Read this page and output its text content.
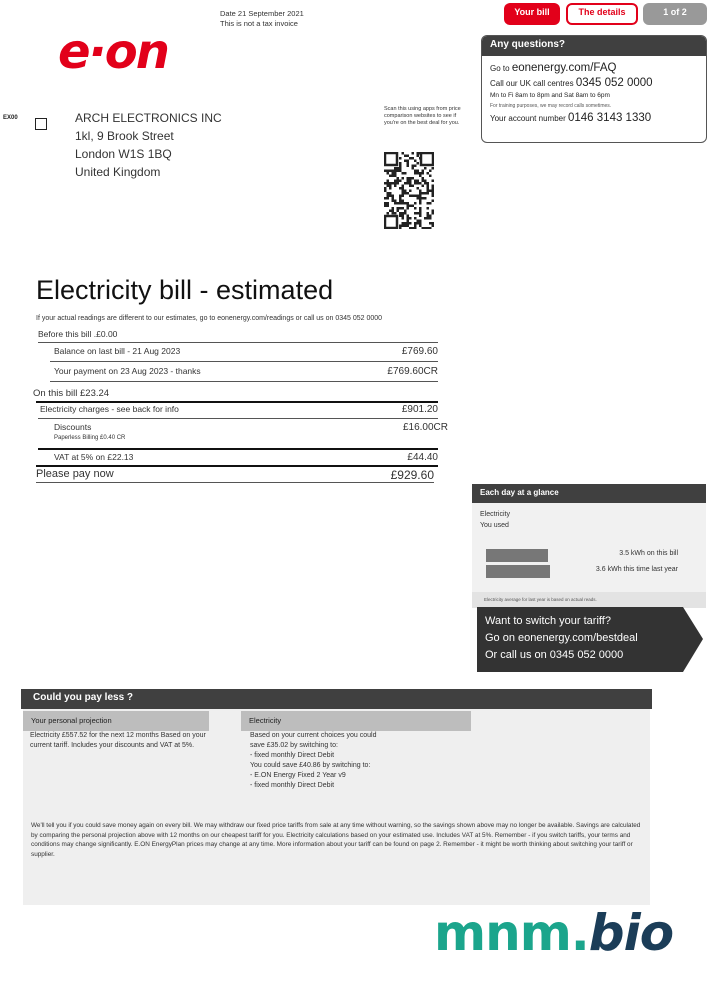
e·on
Date 21 September 2021
This is not a tax invoice
Your bill	The details	1 of 2
Any questions?
Go to eonenergy.com/FAQ
Call our UK call centres 0345 052 0000
Mn to Fi 8am to 8pm and Sat 8am to 6pm
For training purposes, we may record calls sometimes.
Your account number 0146 3143 1330
EX00	ARCH ELECTRONICS INC
1kl, 9 Brook Street
London W1S 1BQ
United Kingdom
Scan this using apps from price comparison websites to see if you're on the best deal for you.
Electricity bill - estimated
If your actual readings are different to our estimates, go to eonenergy.com/readings or call us on 0345 052 0000
Before this bill .£0.00
Balance on last bill - 21 Aug 2023	£769.60
Your payment on 23 Aug 2023 - thanks	£769.60CR
On this bill £23.24
Electricity charges - see back for info	£901.20
Discounts	£16.00CR
Paperless Billing £0.40 CR
VAT at 5% on £22.13	£44.40
Please pay now	£929.60
Each day at a glance
Electricity
You used
3.5 kWh on this bill
3.6 kWh this time last year
Electricity average for last year is based on actual reads.
Want to switch your tariff?
Go on eonenergy.com/bestdeal
Or call us on 0345 052 0000
Could you pay less ?
Your personal projection	Electricity
Electricity £557.52 for the next 12 months Based on your current tariff. Includes your discounts and VAT at 5%.
Based on your current choices you could
save £35.02 by switching to:
- fixed monthly Direct Debit
You could save £40.86 by switching to:
- E.ON Energy Fixed 2 Year v9
- fixed monthly Direct Debit
We'll tell you if you could save money again on every bill. We may withdraw our fixed price tariffs from sale at any time without warning, so the savings shown above may no longer be available. Savings are calculated by comparing the personal projection above with 12 months on our cheapest tariff for you. Electricity calculations based on your estimated use. Includes VAT at 5%. Remember - if you switch tariffs, your terms and conditions may change significantly. E.ON EnergyPlan prices may change at any time. More information about your tariff can be found on page 2. Remember - it might be worth thinking about switching your tariff or supplier.
mnm.bio
